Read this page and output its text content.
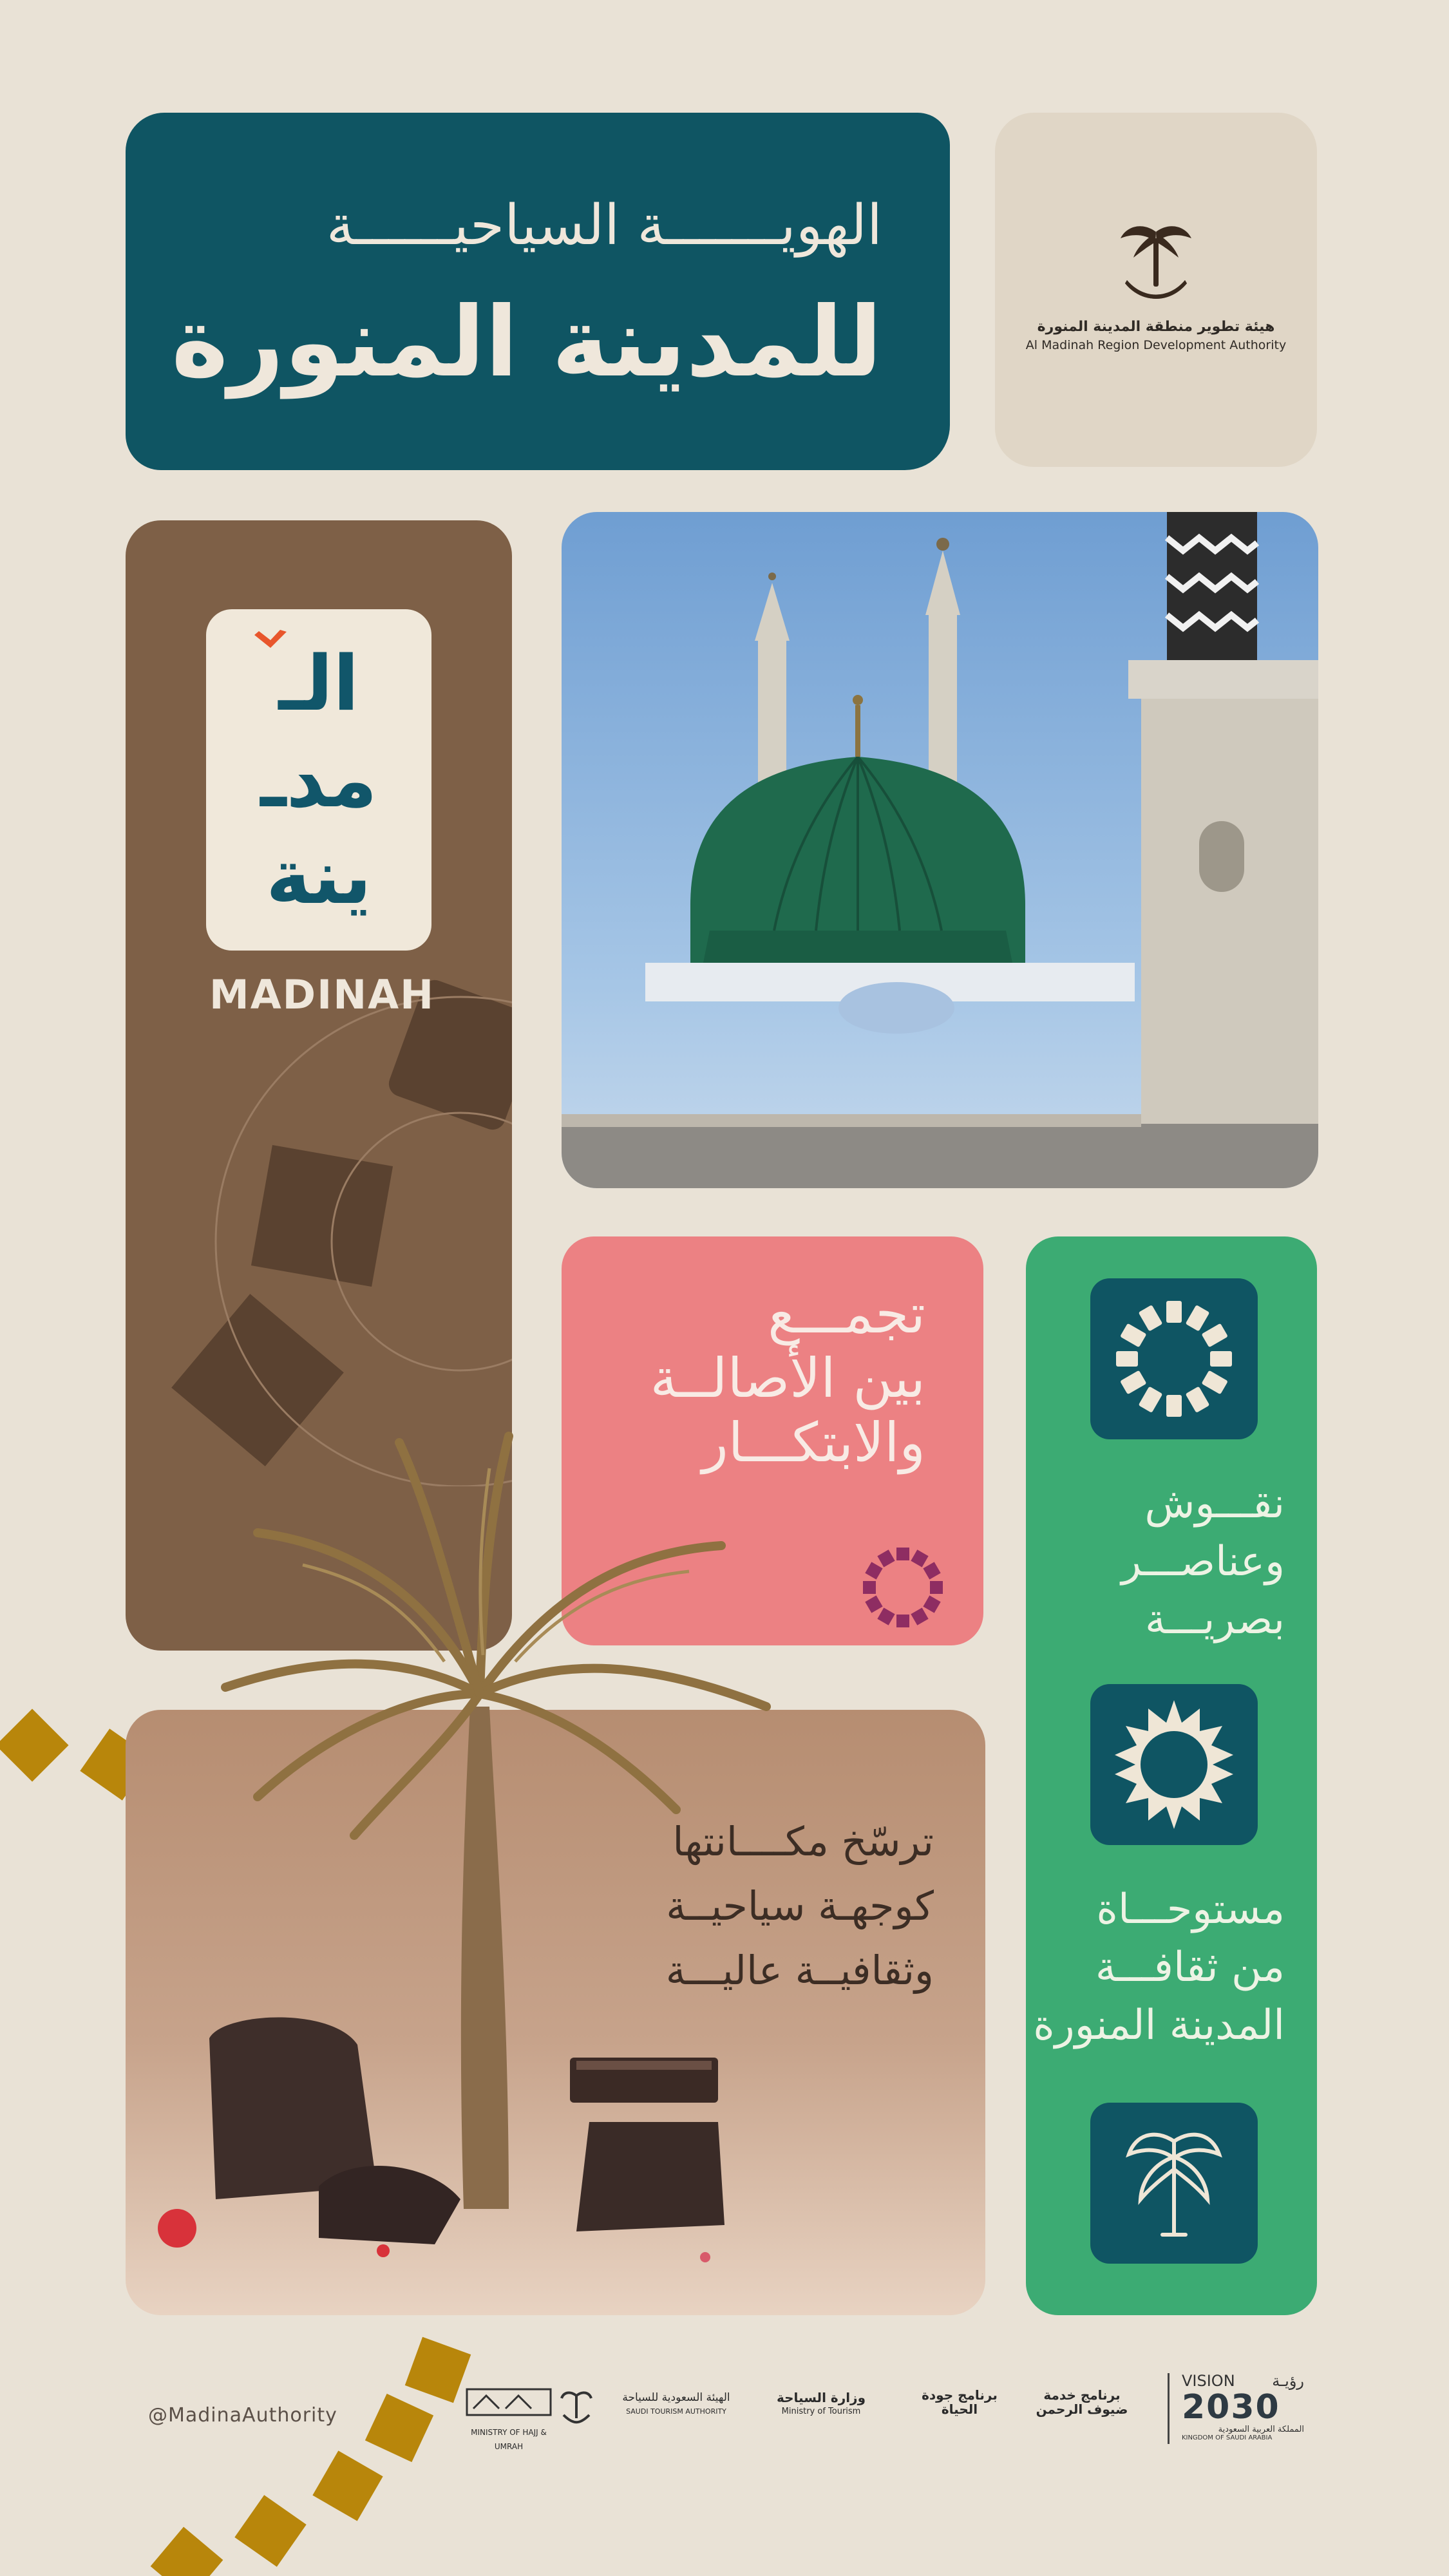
الهويـــــــة السياحيــــــة
للمدينة المنورة	هيئة تطوير منطقة المدينة المنورة
Al Madinah Region Development Authority
الـ
مدـ
ينة
MADINAH
تجمـــع
بين الأصالــة
والابتكـــار
نقـــوش
وعناصـــر
بصريـــة
مستوحـــاة
من ثقافـــة
المدينة المنورة
ترسّخ مكــــانتها
كوجهـة سياحيــة
وثقافيــة عاليـــة
@MadinaAuthority
MINISTRY OF HAJJ & UMRAH
الهيئة السعودية للسياحة
SAUDI TOURISM AUTHORITY
وزارة السياحة
Ministry of Tourism
برنامج جودة
الحياة
برنامج خدمة
ضيوف الرحمن
VISION رؤيـة
2030
المملكة العربية السعودية
KINGDOM OF SAUDI ARABIA
